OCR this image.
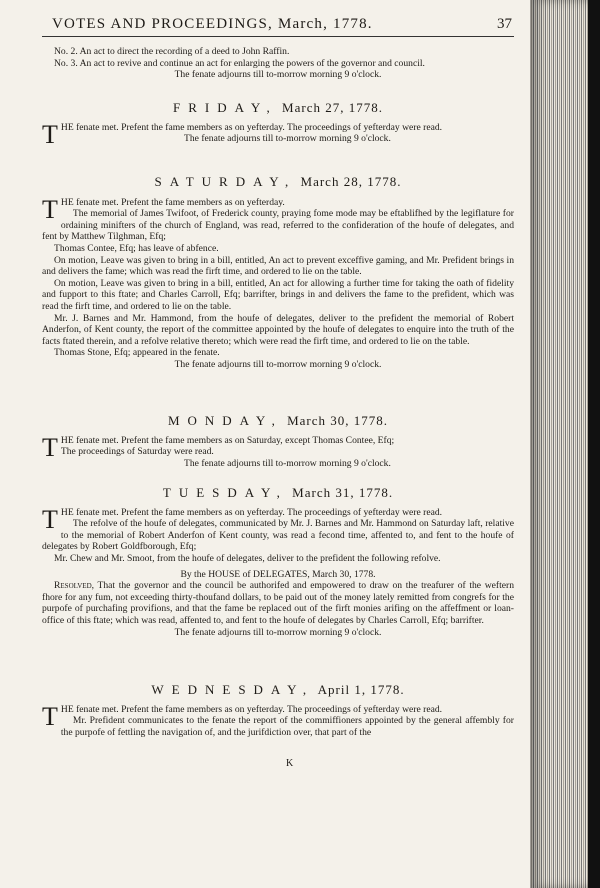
VOTES AND PROCEEDINGS, March, 1778.	37

No. 2. An act to direct the recording of a deed to John Raffin.

No. 3. An act to revive and continue an act for enlarging the powers of the governor and council.

The fenate adjourns till to-morrow morning 9 o'clock.

FRIDAY, March 27, 1778.

THE fenate met. Prefent the fame members as on yefterday. The proceedings of yefterday were read.

The fenate adjourns till to-morrow morning 9 o'clock.

SATURDAY, March 28, 1778.

THE fenate met. Prefent the fame members as on yefterday.

The memorial of James Twifoot, of Frederick county, praying fome mode may be eftablifhed by the legiflature for ordaining minifters of the church of England, was read, referred to the confideration of the houfe of delegates, and fent by Matthew Tilghman, Efq;

Thomas Contee, Efq; has leave of abfence.

On motion, Leave was given to bring in a bill, entitled, An act to prevent exceffive gaming, and Mr. Prefident brings in and delivers the fame; which was read the firft time, and ordered to lie on the table.

On motion, Leave was given to bring in a bill, entitled, An act for allowing a further time for taking the oath of fidelity and fupport to this ftate; and Charles Carroll, Efq; barrifter, brings in and delivers the fame to the prefident, which was read the firft time, and ordered to lie on the table.

Mr. J. Barnes and Mr. Hammond, from the houfe of delegates, deliver to the prefident the memorial of Robert Anderfon, of Kent county, the report of the committee appointed by the houfe of delegates to enquire into the truth of the facts ftated therein, and a refolve relative thereto; which were read the firft time, and ordered to lie on the table.

Thomas Stone, Efq; appeared in the fenate.

The fenate adjourns till to-morrow morning 9 o'clock.

MONDAY, March 30, 1778.

THE fenate met. Prefent the fame members as on Saturday, except Thomas Contee, Efq;
The proceedings of Saturday were read.

The fenate adjourns till to-morrow morning 9 o'clock.

TUESDAY, March 31, 1778.

THE fenate met. Prefent the fame members as on yefterday. The proceedings of yefterday were read.

The refolve of the houfe of delegates, communicated by Mr. J. Barnes and Mr. Hammond on Saturday laft, relative to the memorial of Robert Anderfon of Kent county, was read a fecond time, affented to, and fent to the houfe of delegates by Robert Goldfborough, Efq;

Mr. Chew and Mr. Smoot, from the houfe of delegates, deliver to the prefident the following refolve.

By the HOUSE of DELEGATES, March 30, 1778.

Resolved, That the governor and the council be authorifed and empowered to draw on the treafurer of the weftern fhore for any fum, not exceeding thirty-thoufand dollars, to be paid out of the money lately remitted from congrefs for the purpofe of purchafing provifions, and that the fame be replaced out of the firft monies arifing on the affeffment or loan-office of this ftate; which was read, affented to, and fent to the houfe of delegates by Charles Carroll, Efq; barrifter.

The fenate adjourns till to-morrow morning 9 o'clock.

WEDNESDAY, April 1, 1778.

THE fenate met. Prefent the fame members as on yefterday. The proceedings of yefterday were read.

Mr. Prefident communicates to the fenate the report of the commiffioners appointed by the general affembly for the purpofe of fettling the navigation of, and the jurifdiction over, that part of the

K
